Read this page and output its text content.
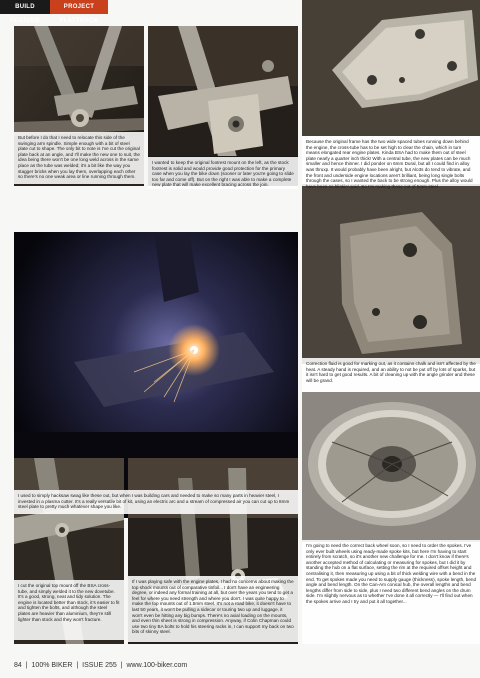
BUILD FEATURE
PROJECT FLATTRACK
But before I do that I need to relocate this side of the swinging arm spindle. Simple enough with a bit of steel plate cut to shape. The only bit to note is I've cut the original plate back at an angle, and I'll make the new one to suit, the idea being there won't be one long weld across in the same place as the tube was welded; it's a bit like the way you stagger bricks when you lay them, overlapping each other so there's no one weak area or line running through them.
I wanted to keep the original footrest mount on the left, as the stock footrest is solid and would provide good protection for the primary case when you lay the bike down (sooner or later you're going to slide too far and come off). But on the right I was able to make a complete new plate that will make excellent bracing across the join.
Because the original frame has the two wide spaced tubes running down behind the engine, the cross-tube has to be set high to clear the chain, which in turn means elongated rear engine plates. Kinda BSA had to make them out of steel plate nearly a quarter inch thick! With a central tube, the new plates can be much smaller and hence thinner. I did ponder on 6mm Dural, but all I could find in alloy was thruxp. It would probably have been alright, but Alo3s do tend to vibrate, and the front and underside engine locations aren't brilliant, being long single bolts through the cases, so I wanted the back to be strong enough. Plus the alloy would have been so blinkin' quid. So I'm making these out of 5mm steel.
Correction fluid is good for marking out, as it contains chalk and isn't affected by the heat. A steady hand is required, and an ability to not be put off by lots of sparks, but it isn't hard to get good results. A bit of cleaning up with the angle grinder and these will be grand.
I used to simply hacksaw swag like these out, but when I was building cars and needed to make so many parts in heavier steel, I invested in a plasma cutter. It's a really versatile bit of kit, using an electric arc and a stream of compressed air you can cut up to 8mm steel plate to pretty much whatever shape you like.
I'm going to need the correct back wheel soon, so I need to order the spokes. I've only ever built wheels using ready-made spoke kits, but here I'm having to start entirely from scratch, so it's another new challenge for me. I don't know if there's another accepted method of calculating or measuring for spokes, but I did it by standing the hub on a flat surface, setting the rim at the required offset height and centralising it, then measuring up using a bit of thick welding wire with a bend in the end. To get spokes made you need to supply gauge (thickness), spoke length, bend angle and bend length. On the Can-Am conical hub, the overall lengths and bend lengths differ from side to side, plus I need two different bend angles on the drum side. I'm slightly nervous as to whether I've done it all correctly — I'll find out when the spokes arrive and I try and put it all together...
I cut the original top mount off the BSA cross-tube, and simply welded it to the new dovetube. It's a good, strong, neat and tidy solution. The engine is located better than stock, it's easier to fit and tighten the bolts, and although the steel plates are heavier than aluminium, they're still lighter than stock and they won't fracture.
If I was playing safe with the engine plates, I had no concerns about making the top shock mounts out of comparative tinfoil... I don't have an engineering degree, or indeed any formal training at all, but over the years you tend to get a feel for where you need strength and where you don't. I was quite happy to make the top mounts out of 1.5mm steel. It's not a road bike, it doesn't have to last 50 years, it won't be pulling a sidecar or touring two up and luggage, it won't even be hitting any big bumps. There's no axial loading on the mounts, and even thin sheet is strong in compression. Anyway, if Colin Chapman could use two tiny BA bolts to hold his steering racks in, I can support my back on two bits of skinny steel.
84 | 100% BIKER | ISSUE 255 | www.100-biker.com
